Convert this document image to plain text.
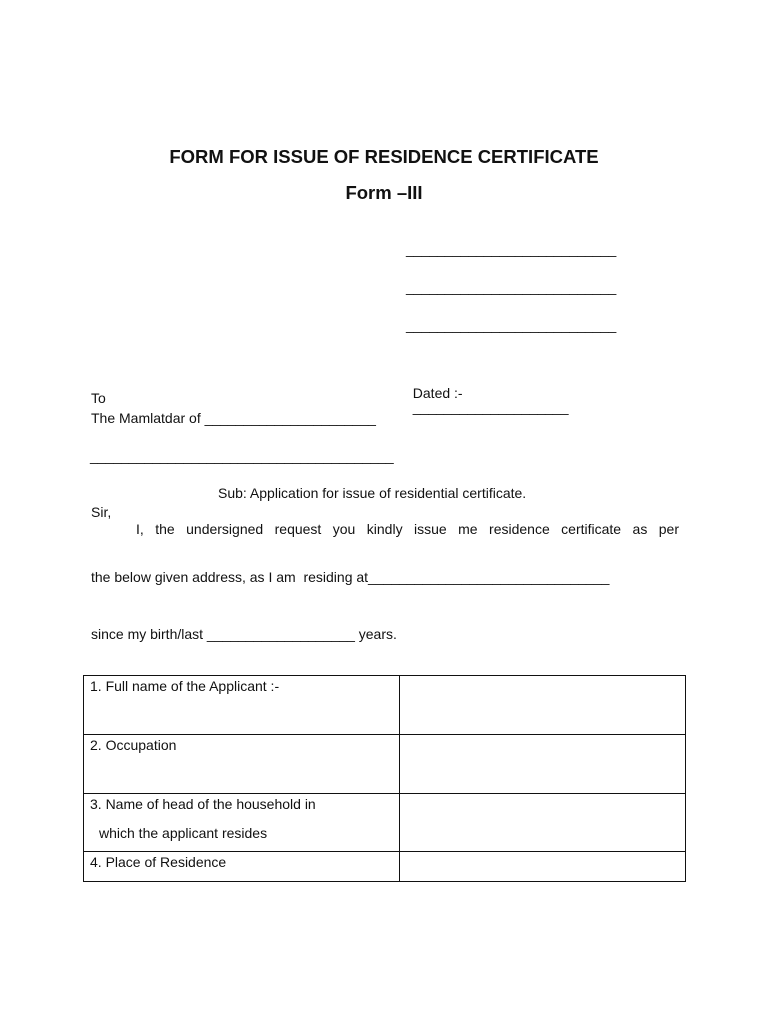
FORM FOR ISSUE OF RESIDENCE CERTIFICATE
Form –III
___________________________
___________________________
___________________________

Dated :-
____________________

To
The Mamlatdar of ______________________
_______________________________________
Sub: Application for issue of residential certificate.
Sir,
I, the undersigned request you kindly issue me residence certificate as per
the below given address, as I am  residing at_______________________________
since my birth/last ___________________ years.
1. Full name of the Applicant :-	
2. Occupation	
3. Name of head of the household in
which the applicant resides	

4. Place of Residence	
